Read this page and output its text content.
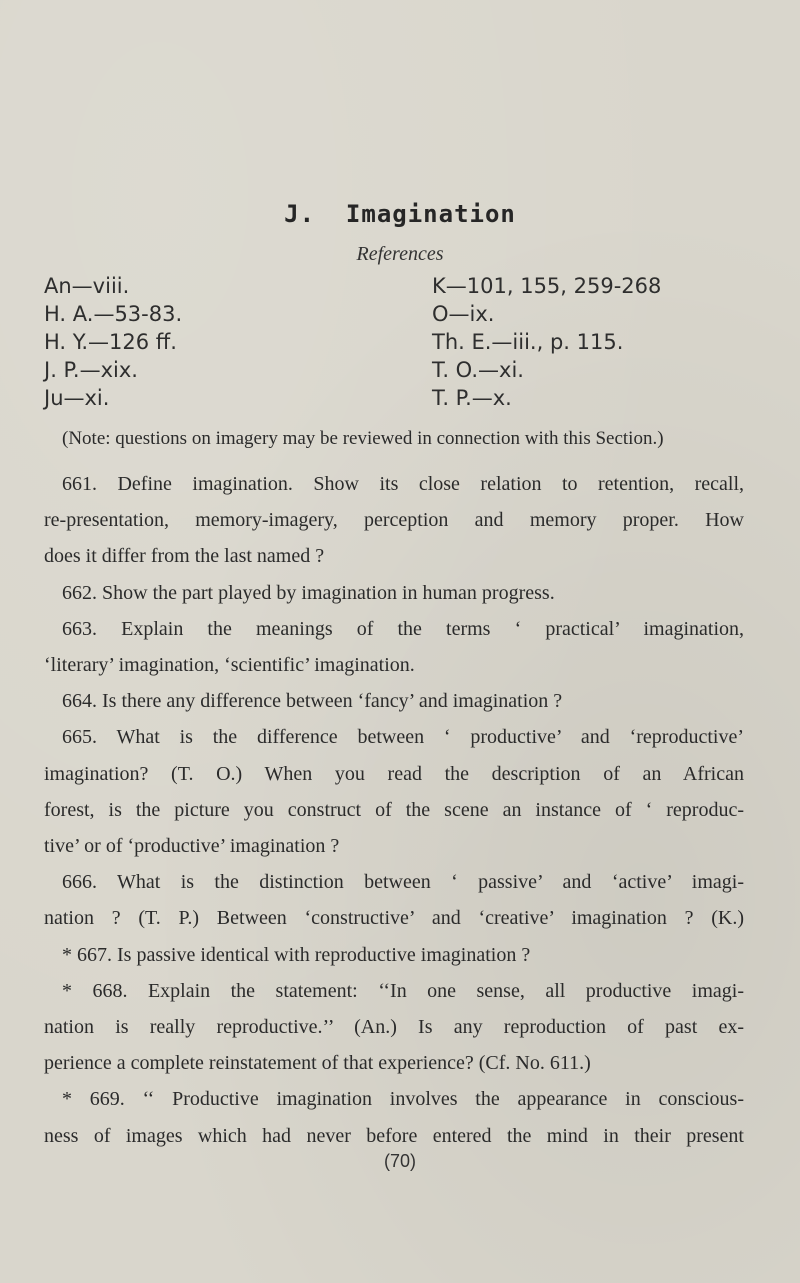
J.  Imagination
References
An—viii.	K—101, 155, 259-268
H. A.—53-83.	O—ix.
H. Y.—126 ff.	Th. E.—iii., p. 115.
J. P.—xix.	T. O.—xi.
Ju—xi.	T. P.—x.
(Note: questions on imagery may be reviewed in connection with this Section.)
661. Define imagination. Show its close relation to retention, recall,
re-presentation, memory-imagery, perception and memory proper. How
does it differ from the last named ?
662. Show the part played by imagination in human progress.
663. Explain the meanings of the terms ‘ practical’ imagination,
‘literary’ imagination, ‘scientific’ imagination.
664. Is there any difference between ‘fancy’ and imagination ?
665. What is the difference between ‘ productive’ and ‘reproductive’
imagination? (T. O.) When you read the description of an African
forest, is the picture you construct of the scene an instance of ‘ reproduc-
tive’ or of ‘productive’ imagination ?
666. What is the distinction between ‘ passive’ and ‘active’ imagi-
nation ? (T. P.) Between ‘constructive’ and ‘creative’ imagination ? (K.)
* 667. Is passive identical with reproductive imagination ?
* 668. Explain the statement: ‘‘In one sense, all productive imagi-
nation is really reproductive.’’ (An.) Is any reproduction of past ex-
perience a complete reinstatement of that experience? (Cf. No. 611.)
* 669. ‘‘ Productive imagination involves the appearance in conscious-
ness of images which had never before entered the mind in their present
(70)
